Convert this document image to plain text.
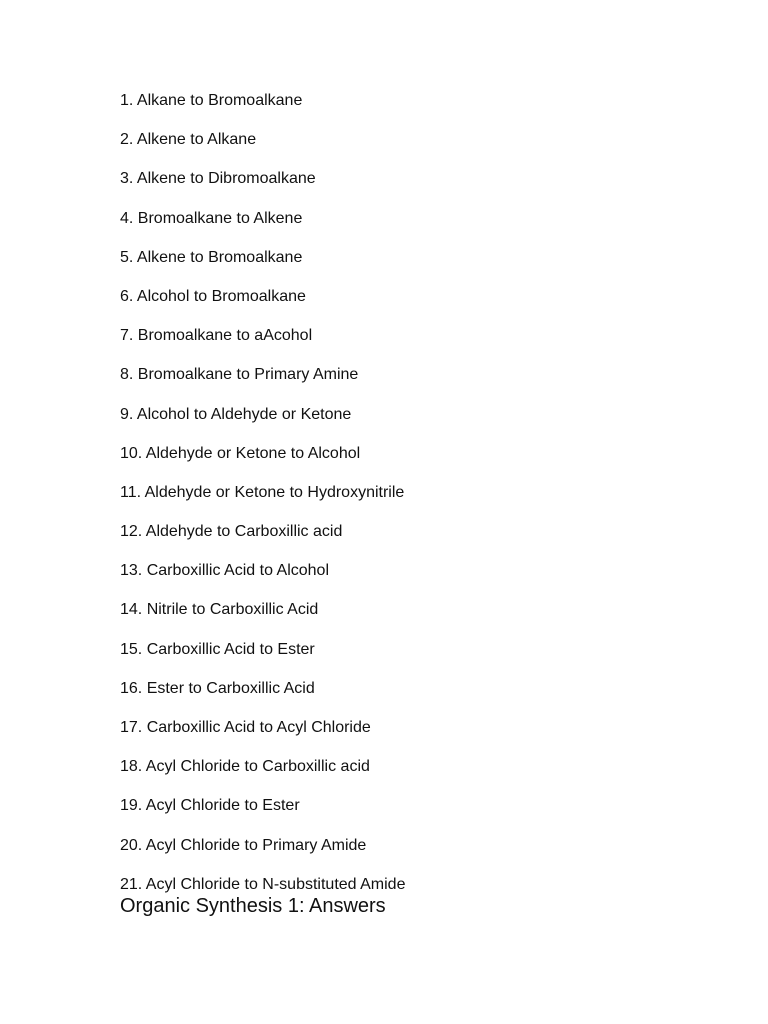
1. Alkane to Bromoalkane
2. Alkene to Alkane
3. Alkene to Dibromoalkane
4. Bromoalkane to Alkene
5. Alkene to Bromoalkane
6. Alcohol to Bromoalkane
7. Bromoalkane to aAcohol
8. Bromoalkane to Primary Amine
9. Alcohol to Aldehyde or Ketone
10. Aldehyde or Ketone to Alcohol
11. Aldehyde or Ketone to Hydroxynitrile
12. Aldehyde to Carboxillic acid
13. Carboxillic Acid to Alcohol
14. Nitrile to Carboxillic Acid
15. Carboxillic Acid to Ester
16. Ester to Carboxillic Acid
17. Carboxillic Acid to Acyl Chloride
18. Acyl Chloride to Carboxillic acid
19. Acyl Chloride to Ester
20. Acyl Chloride to Primary Amide
21. Acyl Chloride to N-substituted Amide
Organic Synthesis 1: Answers
